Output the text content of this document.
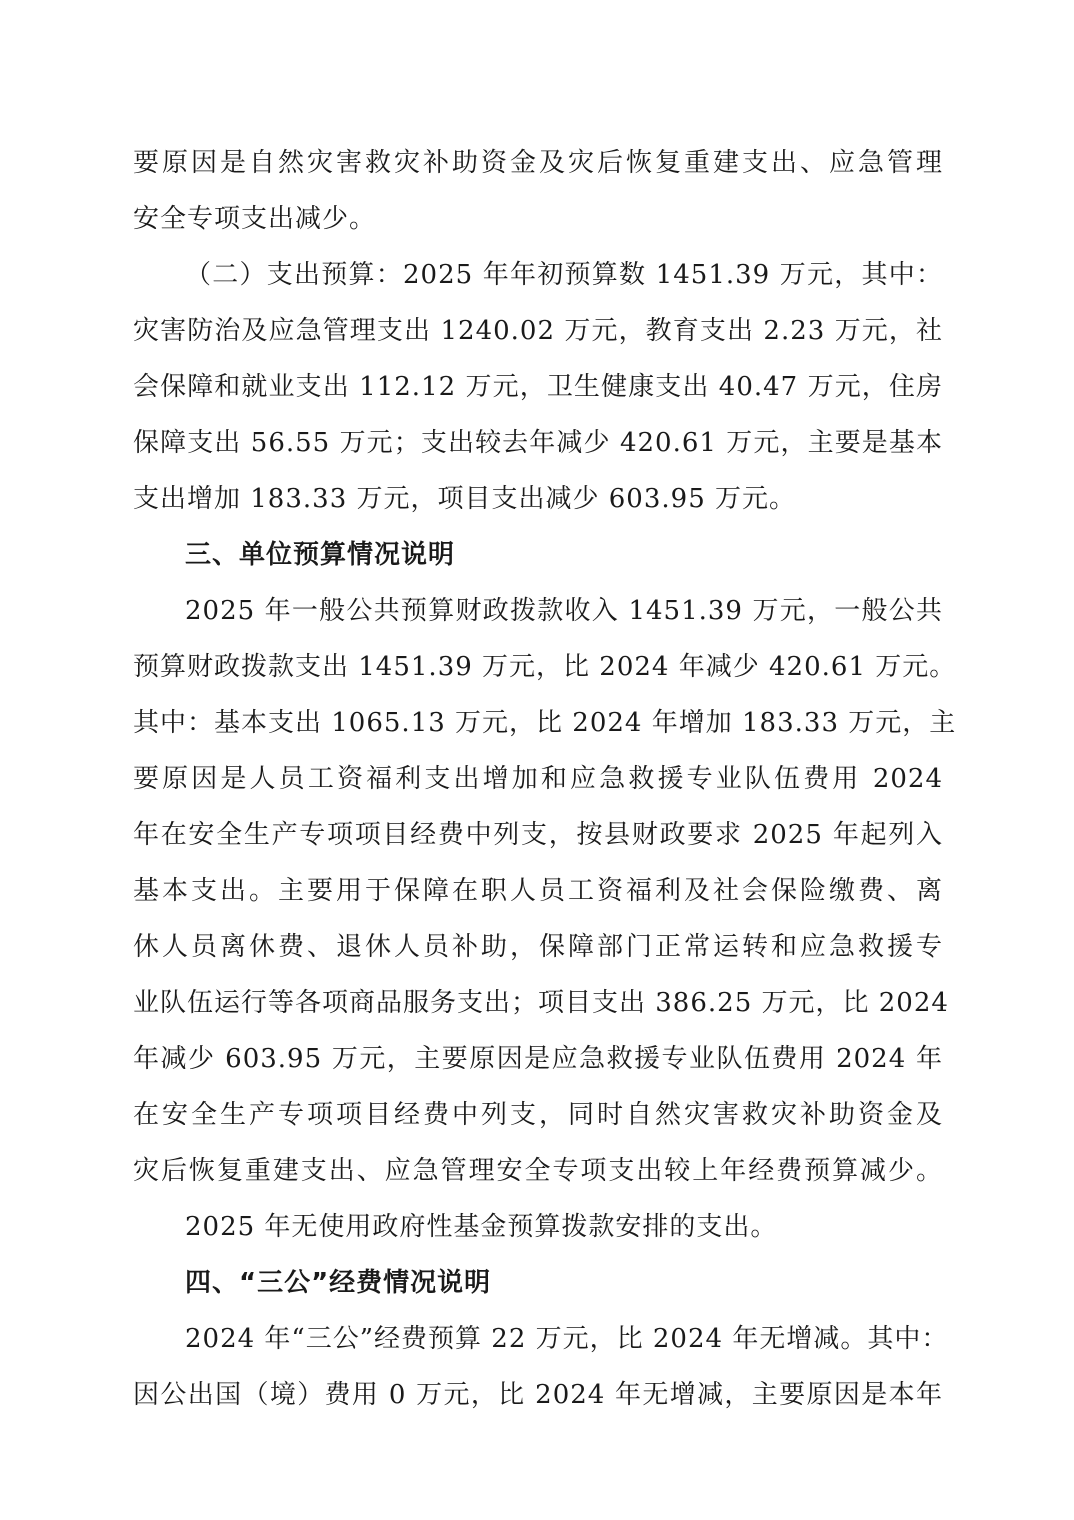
要原因是自然灾害救灾补助资金及灾后恢复重建支出、应急管理
安全专项支出减少。
（二）支出预算：2025 年年初预算数 1451.39 万元，其中：
灾害防治及应急管理支出 1240.02 万元，教育支出 2.23 万元，社
会保障和就业支出 112.12 万元，卫生健康支出 40.47 万元，住房
保障支出 56.55 万元；支出较去年减少 420.61 万元，主要是基本
支出增加 183.33 万元，项目支出减少 603.95 万元。
三、单位预算情况说明
2025 年一般公共预算财政拨款收入 1451.39 万元，一般公共
预算财政拨款支出 1451.39 万元，比 2024 年减少 420.61 万元。
其中：基本支出 1065.13 万元，比 2024 年增加 183.33 万元，主
要原因是人员工资福利支出增加和应急救援专业队伍费用 2024
年在安全生产专项项目经费中列支，按县财政要求 2025 年起列入
基本支出。主要用于保障在职人员工资福利及社会保险缴费、离
休人员离休费、退休人员补助，保障部门正常运转和应急救援专
业队伍运行等各项商品服务支出；项目支出 386.25 万元，比 2024
年减少 603.95 万元，主要原因是应急救援专业队伍费用 2024 年
在安全生产专项项目经费中列支，同时自然灾害救灾补助资金及
灾后恢复重建支出、应急管理安全专项支出较上年经费预算减少。
2025 年无使用政府性基金预算拨款安排的支出。
四、“三公”经费情况说明
2024 年“三公”经费预算 22 万元，比 2024 年无增减。其中：
因公出国（境）费用 0 万元，比 2024 年无增减，主要原因是本年
